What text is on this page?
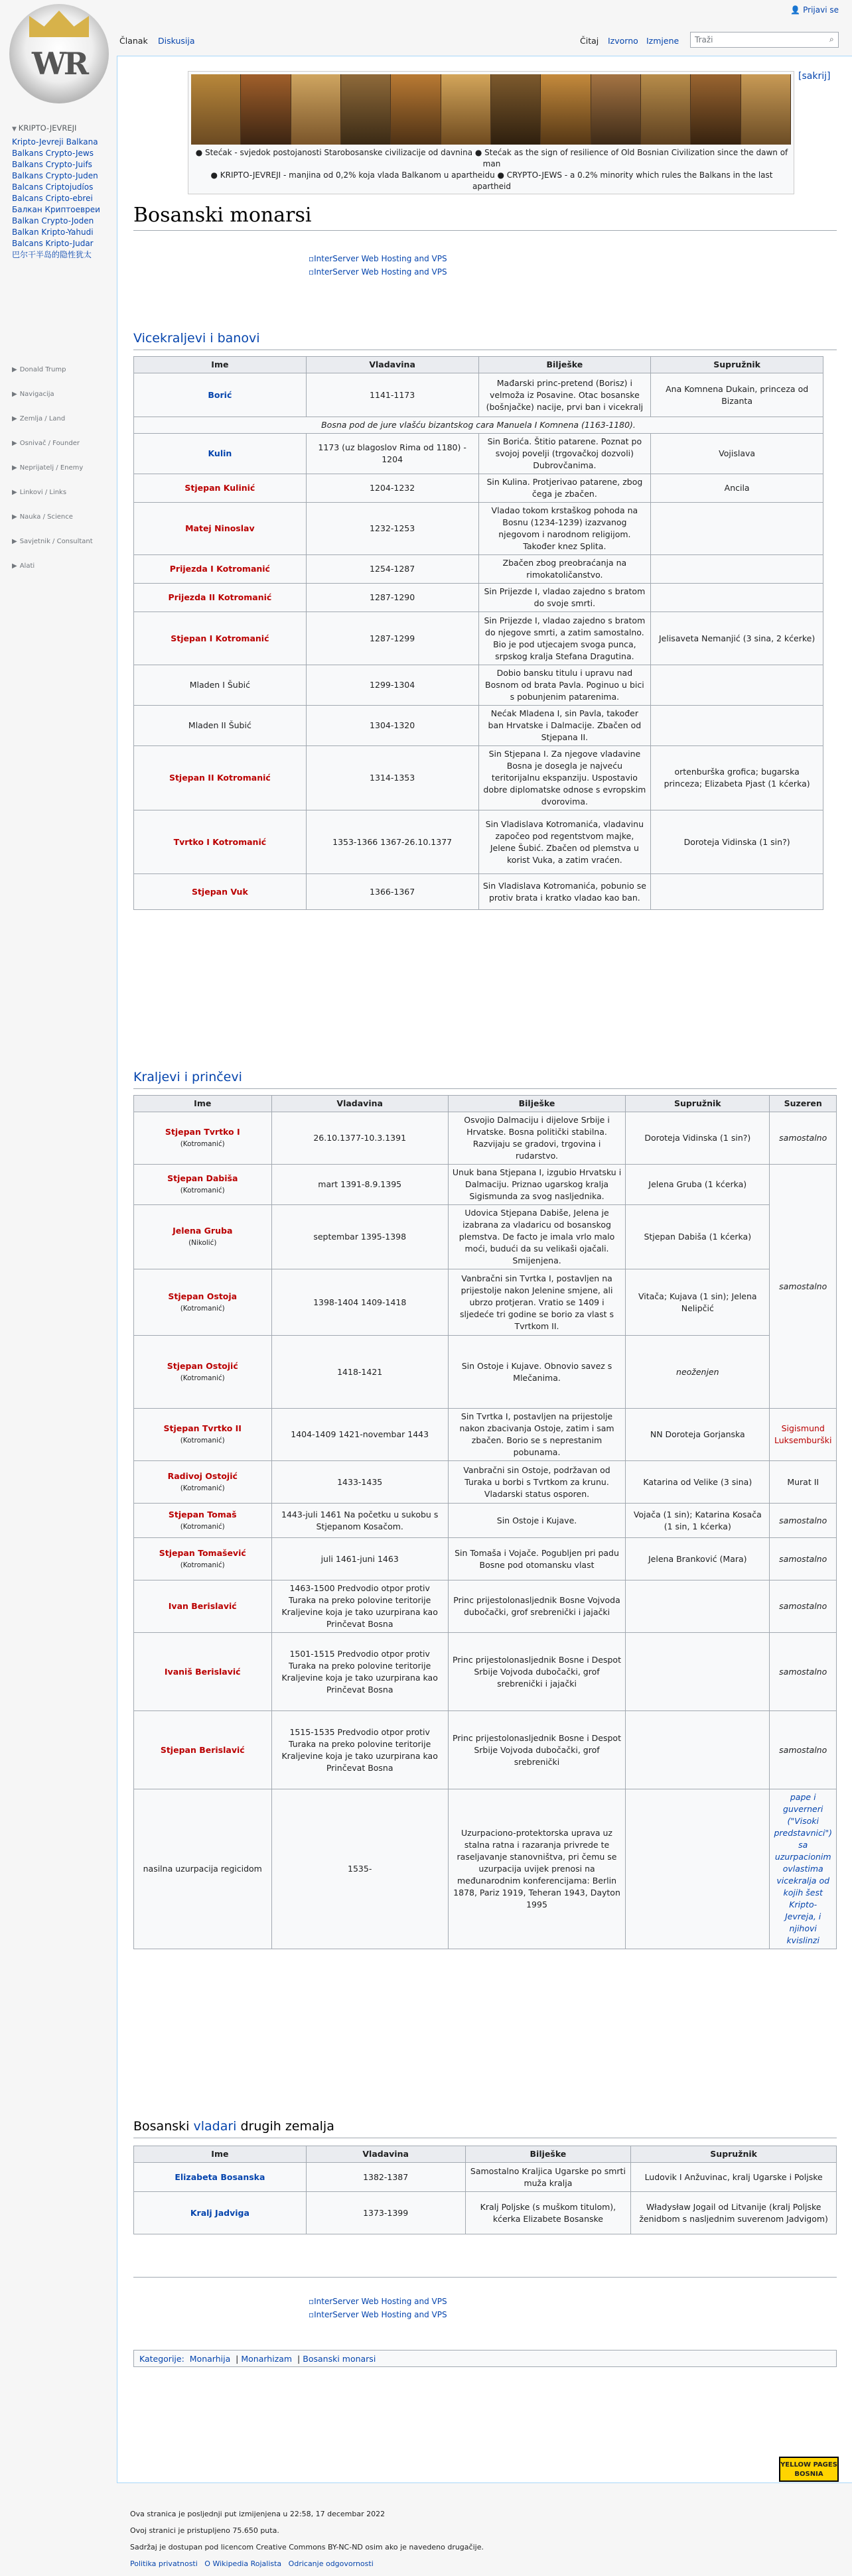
WR
▼ KRIPTO-JEVREJI
Kripto-Jevreji Balkana
Balkans Crypto-Jews
Balkans Crypto-Juifs
Balkans Crypto-Juden
Balcans Criptojudíos
Balcans Cripto-ebrei
Балкан Криптоевреи
Balkan Crypto-Joden
Balkan Kripto-Yahudi
Balcans Kripto-Judar
巴尔干半岛的隐性犹太
▶ Donald Trump
▶ Navigacija
▶ Zemlja / Land
▶ Osnivač / Founder
▶ Neprijatelj / Enemy
▶ Linkovi / Links
▶ Nauka / Science
▶ Savjetnik / Consultant
▶ Alati
👤 Prijavi se
Članak Diskusija	Čitaj Izvorno Izmjene	Traži	⌕
● Stećak - svjedok postojanosti Starobosanske civilizacije od davnina ● Stećak as the sign of resilience of Old Bosnian Civilization since the dawn of man
● KRIPTO-JEVREJI - manjina od 0,2% koja vlada Balkanom u apartheidu ● CRYPTO-JEWS - a 0.2% minority which rules the Balkans in the last apartheid
[sakrij]
Bosanski monarsi
▫InterServer Web Hosting and VPS
▫InterServer Web Hosting and VPS
Vicekraljevi i banovi
Ime	Vladavina	Bilješke	Supružnik
Borić	1141-1173	Mađarski princ-pretend (Borisz) i velmoža iz Posavine. Otac bosanske (bošnjačke) nacije, prvi ban i vicekralj	Ana Komnena Dukain, princeza od Bizanta
Bosna pod de jure vlašću bizantskog cara Manuela I Komnena (1163-1180).			
Kulin	1173 (uz blagoslov Rima od 1180) - 1204	Sin Borića. Štitio patarene. Poznat po svojoj povelji (trgovačkoj dozvoli) Dubrovčanima.	Vojislava
Stjepan Kulinić	1204-1232	Sin Kulina. Protjerivao patarene, zbog čega je zbačen.	Ancila
Matej Ninoslav	1232-1253	Vladao tokom krstaškog pohoda na Bosnu (1234-1239) izazvanog njegovom i narodnom religijom. Također knez Splita.	
Prijezda I Kotromanić	1254-1287	Zbačen zbog preobraćanja na rimokatoličanstvo.	
Prijezda II Kotromanić	1287-1290	Sin Prijezde I, vladao zajedno s bratom do svoje smrti.	
Stjepan I Kotromanić	1287-1299	Sin Prijezde I, vladao zajedno s bratom do njegove smrti, a zatim samostalno. Bio je pod utjecajem svoga punca, srpskog kralja Stefana Dragutina.	Jelisaveta Nemanjić (3 sina, 2 kćerke)
Mladen I Šubić	1299-1304	Dobio bansku titulu i upravu nad Bosnom od brata Pavla. Poginuo u bici s pobunjenim patarenima.	
Mladen II Šubić	1304-1320	Nećak Mladena I, sin Pavla, također ban Hrvatske i Dalmacije. Zbačen od Stjepana II.	
Stjepan II Kotromanić	1314-1353	Sin Stjepana I. Za njegove vladavine Bosna je dosegla je najveću teritorijalnu ekspanziju. Uspostavio dobre diplomatske odnose s evropskim dvorovima.	ortenburška grofica; bugarska princeza; Elizabeta Pjast (1 kćerka)
Tvrtko I Kotromanić	1353-1366 1367-26.10.1377	Sin Vladislava Kotromanića, vladavinu započeo pod regentstvom majke, Jelene Šubić. Zbačen od plemstva u korist Vuka, a zatim vraćen.	Doroteja Vidinska (1 sin?)
Stjepan Vuk	1366-1367	Sin Vladislava Kotromanića, pobunio se protiv brata i kratko vladao kao ban.	
Kraljevi i prinčevi
Ime	Vladavina	Bilješke	Supružnik	Suzeren
Stjepan Tvrtko I
(Kotromanić)	26.10.1377-10.3.1391	Osvojio Dalmaciju i dijelove Srbije i Hrvatske. Bosna politički stabilna. Razvijaju se gradovi, trgovina i rudarstvo.	Doroteja Vidinska (1 sin?)	samostalno
Stjepan Dabiša
(Kotromanić)	mart 1391-8.9.1395	Unuk bana Stjepana I, izgubio Hrvatsku i Dalmaciju. Priznao ugarskog kralja Sigismunda za svog nasljednika.	Jelena Gruba (1 kćerka)	samostalno
Jelena Gruba
(Nikolić)	septembar 1395-1398	Udovica Stjepana Dabiše, Jelena je izabrana za vladaricu od bosanskog plemstva. De facto je imala vrlo malo moći, budući da su velikaši ojačali. Smijenjena.	Stjepan Dabiša (1 kćerka)	
Stjepan Ostoja
(Kotromanić)	1398-1404 1409-1418	Vanbračni sin Tvrtka I, postavljen na prijestolje nakon Jelenine smjene, ali ubrzo protjeran. Vratio se 1409 i sljedeće tri godine se borio za vlast s Tvrtkom II.	Vitača; Kujava (1 sin); Jelena Nelipčić	
Stjepan Ostojić
(Kotromanić)	1418-1421	Sin Ostoje i Kujave. Obnovio savez s Mlečanima.	neoženjen	
Stjepan Tvrtko II
(Kotromanić)	1404-1409 1421-novembar 1443	Sin Tvrtka I, postavljen na prijestolje nakon zbacivanja Ostoje, zatim i sam zbačen. Borio se s neprestanim pobunama.	NN Doroteja Gorjanska	Sigismund Luksemburški
Radivoj Ostojić
(Kotromanić)	1433-1435	Vanbračni sin Ostoje, podržavan od Turaka u borbi s Tvrtkom za krunu. Vladarski status osporen.	Katarina od Velike (3 sina)	Murat II
Stjepan Tomaš
(Kotromanić)	1443-juli 1461 Na početku u sukobu s Stjepanom Kosačom.	Sin Ostoje i Kujave.	Vojača (1 sin); Katarina Kosača (1 sin, 1 kćerka)	samostalno
Stjepan Tomašević
(Kotromanić)	juli 1461-juni 1463	Sin Tomaša i Vojače. Pogubljen pri padu Bosne pod otomansku vlast	Jelena Branković (Mara)	samostalno
Ivan Berislavić	1463-1500 Predvodio otpor protiv Turaka na preko polovine teritorije Kraljevine koja je tako uzurpirana kao Prinčevat Bosna	Princ prijestolonasljednik Bosne Vojvoda dubočački, grof srebrenički i jajački		samostalno
Ivaniš Berislavić	1501-1515 Predvodio otpor protiv Turaka na preko polovine teritorije Kraljevine koja je tako uzurpirana kao Prinčevat Bosna	Princ prijestolonasljednik Bosne i Despot Srbije Vojvoda dubočački, grof srebrenički i jajački		samostalno
Stjepan Berislavić	1515-1535 Predvodio otpor protiv Turaka na preko polovine teritorije Kraljevine koja je tako uzurpirana kao Prinčevat Bosna	Princ prijestolonasljednik Bosne i Despot Srbije Vojvoda dubočački, grof srebrenički		samostalno
nasilna uzurpacija regicidom	1535-	Uzurpaciono-protektorska uprava uz stalna ratna i razaranja privrede te raseljavanje stanovništva, pri čemu se uzurpacija uvijek prenosi na međunarodnim konferencijama: Berlin 1878, Pariz 1919, Teheran 1943, Dayton 1995		pape i guverneri ("Visoki predstavnici") sa uzurpacionim ovlastima vicekralja od kojih šest Kripto-Jevreja, i njihovi kvislinzi
Bosanski vladari drugih zemalja
Ime	Vladavina	Bilješke	Supružnik
Elizabeta Bosanska	1382-1387	Samostalno Kraljica Ugarske po smrti muža kralja	Ludovik I Anžuvinac, kralj Ugarske i Poljske
Kralj Jadviga	1373-1399	Kralj Poljske (s muškom titulom), kćerka Elizabete Bosanske	Władysław Jogail od Litvanije (kralj Poljske ženidbom s nasljednim suverenom Jadvigom)
▫InterServer Web Hosting and VPS
▫InterServer Web Hosting and VPS
Kategorije: Monarhija  | Monarhizam  | Bosanski monarsi

Ova stranica je posljednji put izmijenjena u 22:58, 17 decembar 2022

Ovoj stranici je pristupljeno 75.650 puta.

Sadržaj je dostupan pod licencom Creative Commons BY-NC-ND osim ako je navedeno drugačije.

Politika privatnosti O Wikipedia Rojalista Odricanje odgovornosti

YELLOW PAGES BOSNIA
